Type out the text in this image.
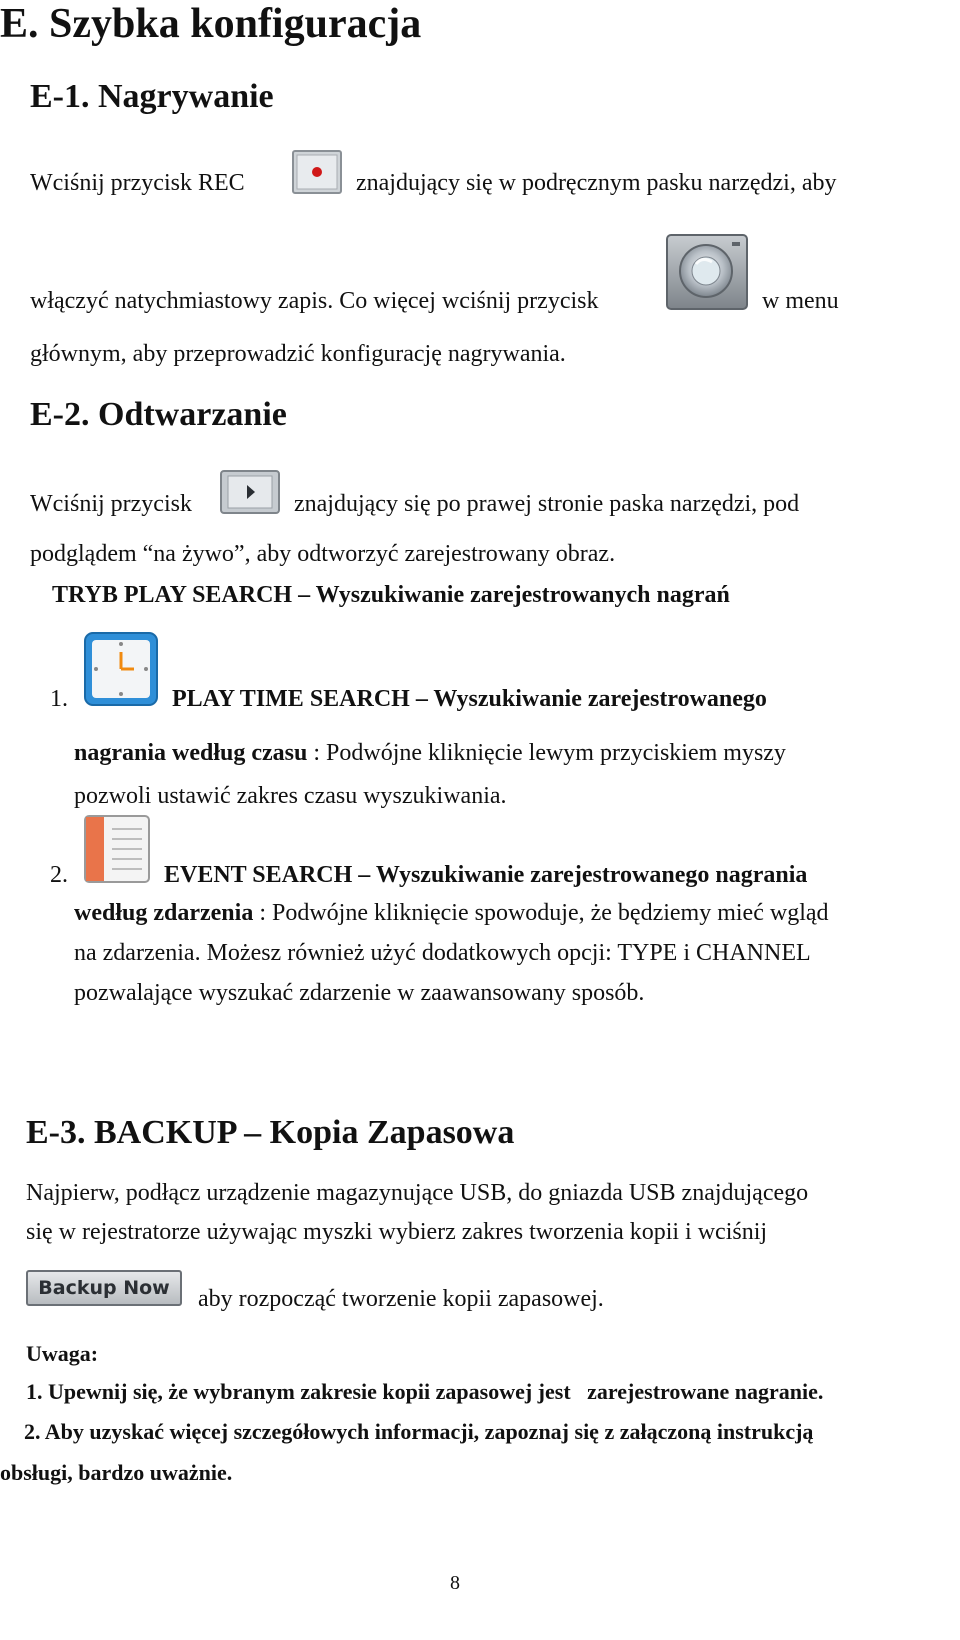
E. Szybka konfiguracja
E-1. Nagrywanie
Wciśnij przycisk REC	znajdujący się w podręcznym pasku narzędzi, aby
włączyć natychmiastowy zapis. Co więcej wciśnij przycisk	w menu
głównym, aby przeprowadzić konfigurację nagrywania.
E-2. Odtwarzanie
Wciśnij przycisk	znajdujący się po prawej stronie paska narzędzi, pod
podglądem “na żywo”, aby odtworzyć zarejestrowany obraz.
TRYB PLAY SEARCH – Wyszukiwanie zarejestrowanych nagrań
1.	PLAY TIME SEARCH – Wyszukiwanie zarejestrowanego
nagrania według czasu : Podwójne kliknięcie lewym przyciskiem myszy
pozwoli ustawić zakres czasu wyszukiwania.
2.	EVENT SEARCH – Wyszukiwanie zarejestrowanego nagrania
według zdarzenia : Podwójne kliknięcie spowoduje, że będziemy mieć wgląd
na zdarzenia. Możesz również użyć dodatkowych opcji: TYPE i CHANNEL
pozwalające wyszukać zdarzenie w zaawansowany sposób.
E-3. BACKUP – Kopia Zapasowa
Najpierw, podłącz urządzenie magazynujące USB, do gniazda USB znajdującego
się w rejestratorze używając myszki wybierz zakres tworzenia kopii i wciśnij
Backup Now	aby rozpocząć tworzenie kopii zapasowej.
Uwaga:
1. Upewnij się, że wybranym zakresie kopii zapasowej jest   zarejestrowane nagranie.
2. Aby uzyskać więcej szczegółowych informacji, zapoznaj się z załączoną instrukcją
obsługi, bardzo uważnie.
8
